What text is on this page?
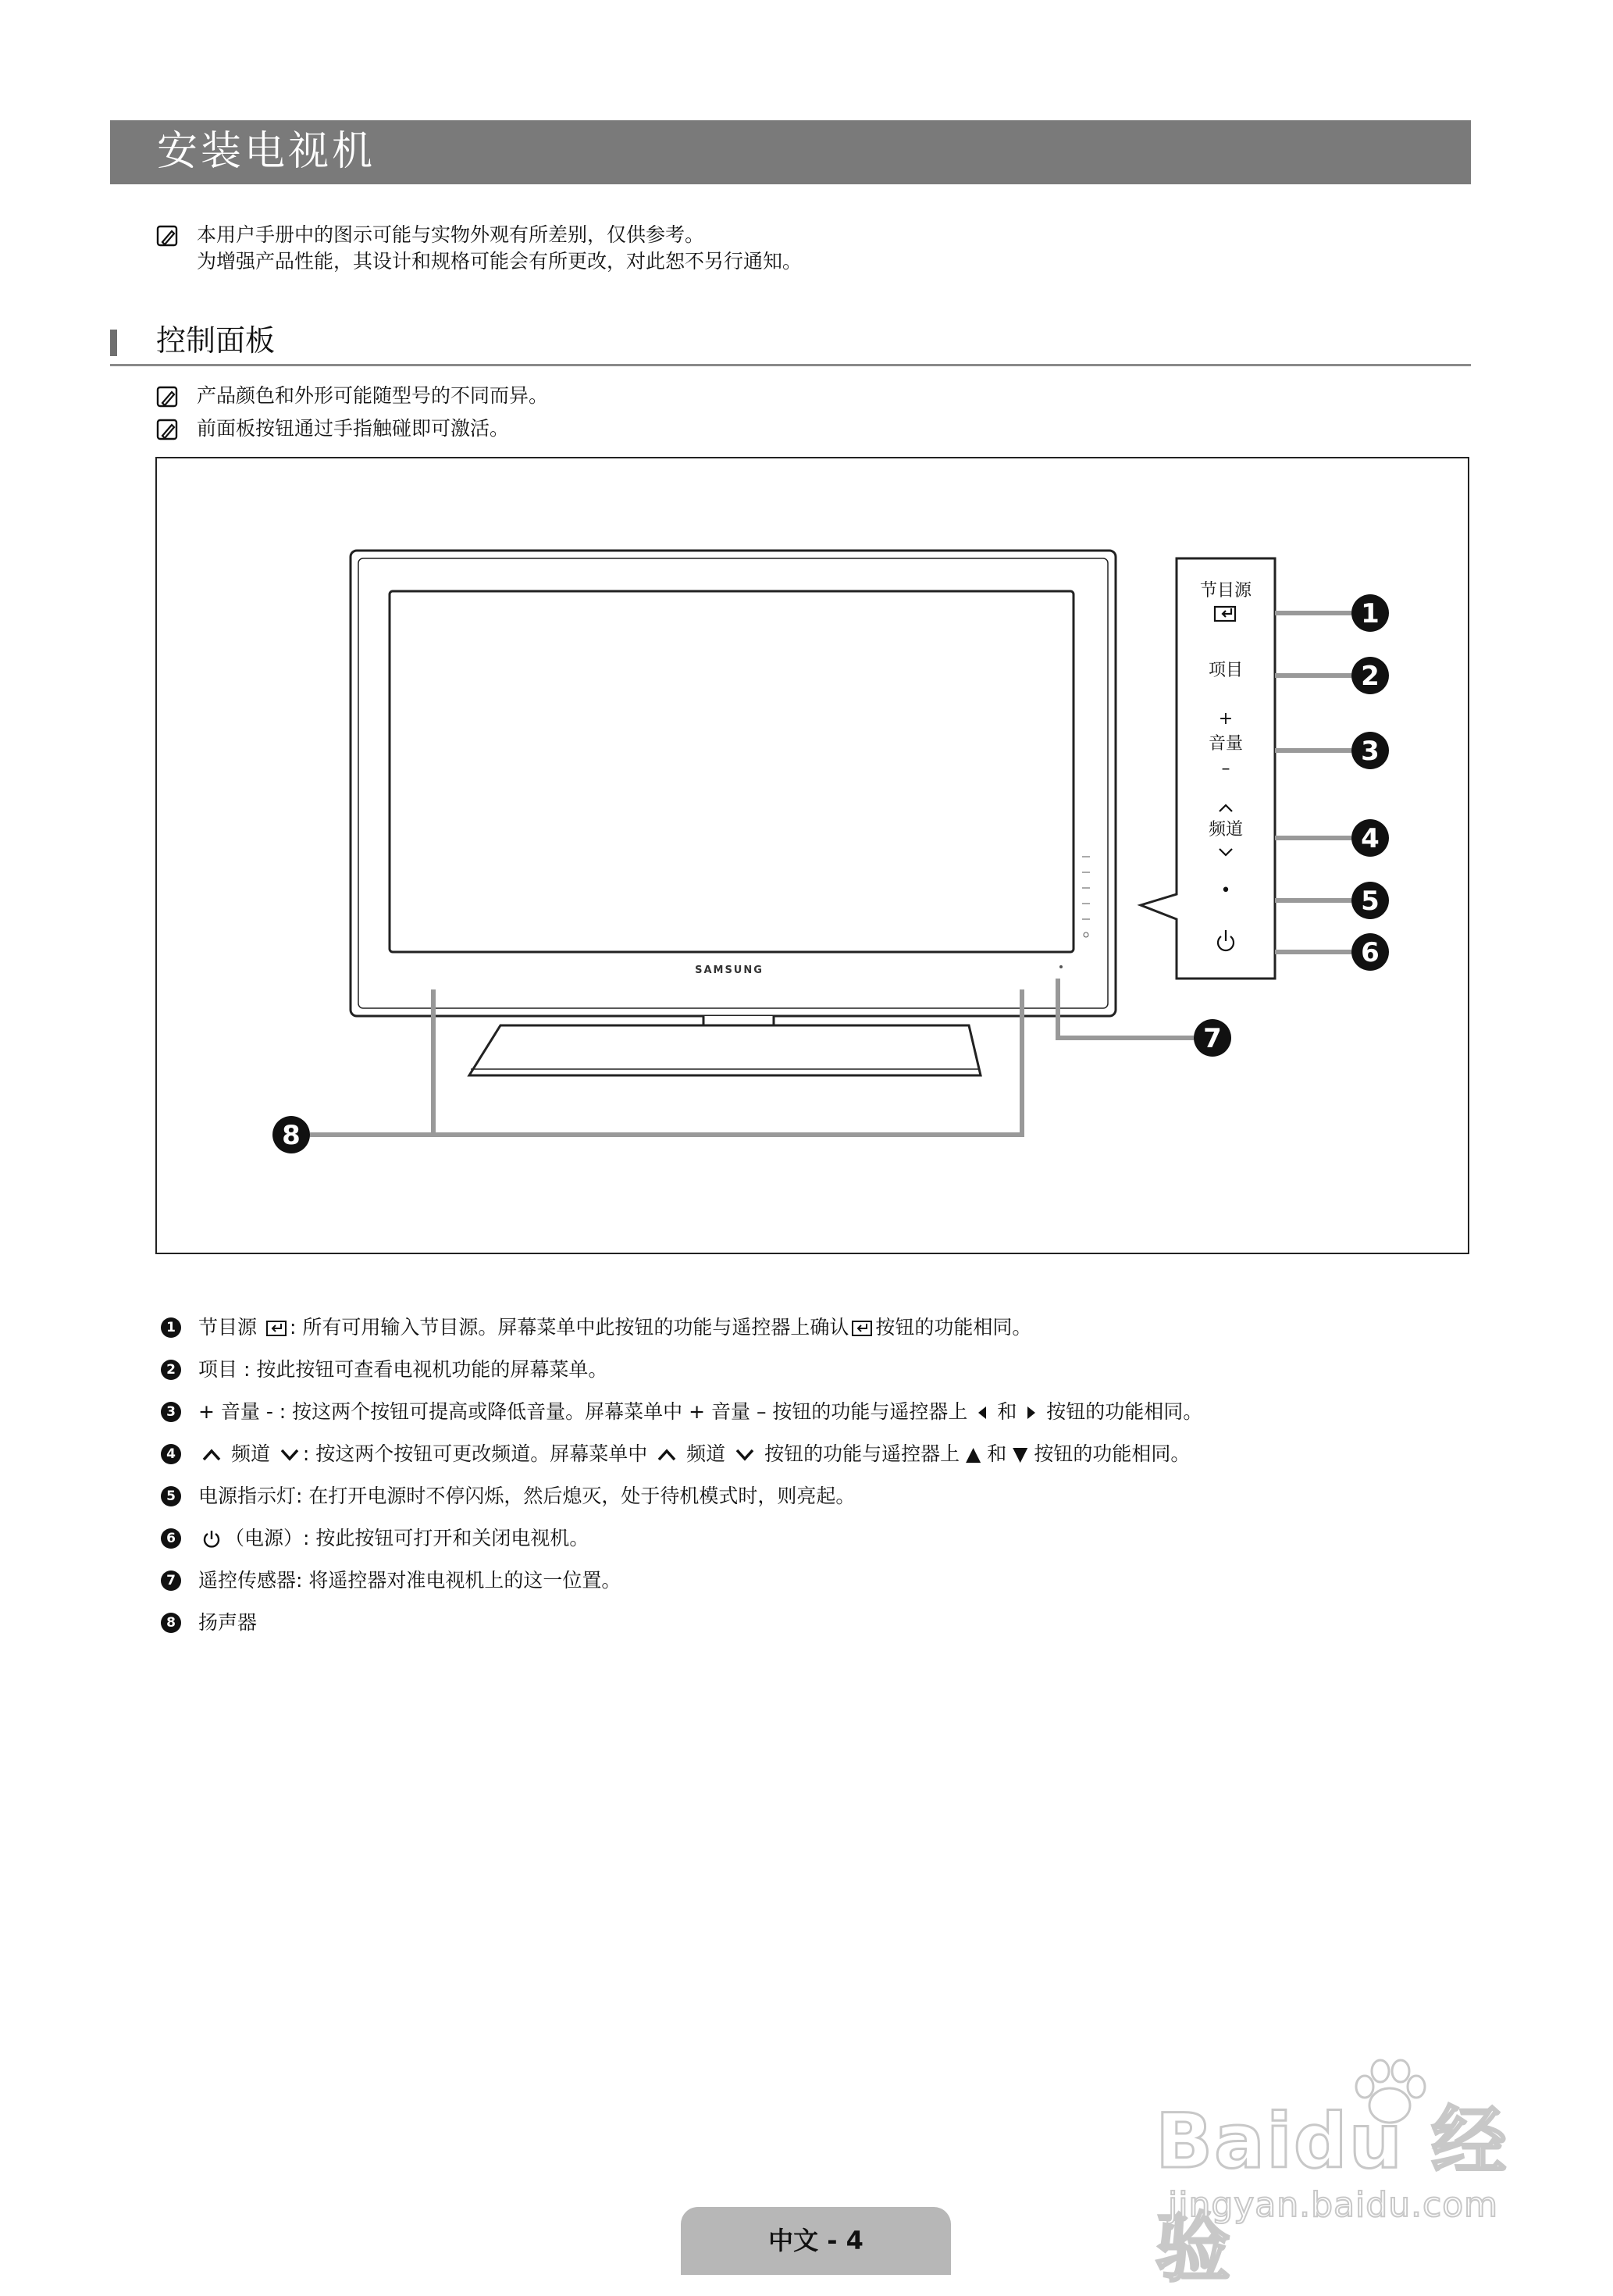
安装电视机
本用户手册中的图示可能与实物外观有所差别，仅供参考。
为增强产品性能，其设计和规格可能会有所更改，对此恕不另行通知。
控制面板
产品颜色和外形可能随型号的不同而异。
前面板按钮通过手指触碰即可激活。
SAMSUNG
节目源
项目
+
音量
–
频道
•
1
2
3
4
5
6
7
8
1 节目源 : 所有可用输入节目源。屏幕菜单中此按钮的功能与遥控器上确认 按钮的功能相同。
2 项目 : 按此按钮可查看电视机功能的屏幕菜单。
3 + 音量 - : 按这两个按钮可提高或降低音量。屏幕菜单中 + 音量 – 按钮的功能与遥控器上  和  按钮的功能相同。
4	频道 : 按这两个按钮可更改频道。屏幕菜单中  频道  按钮的功能与遥控器上 ▲ 和 ▼ 按钮的功能相同。
5 电源指示灯: 在打开电源时不停闪烁，然后熄灭，处于待机模式时，则亮起。
6	（电源）: 按此按钮可打开和关闭电视机。
7 遥控传感器: 将遥控器对准电视机上的这一位置。
8 扬声器
Baidu 经验
jingyan.baidu.com
中文 - 4
